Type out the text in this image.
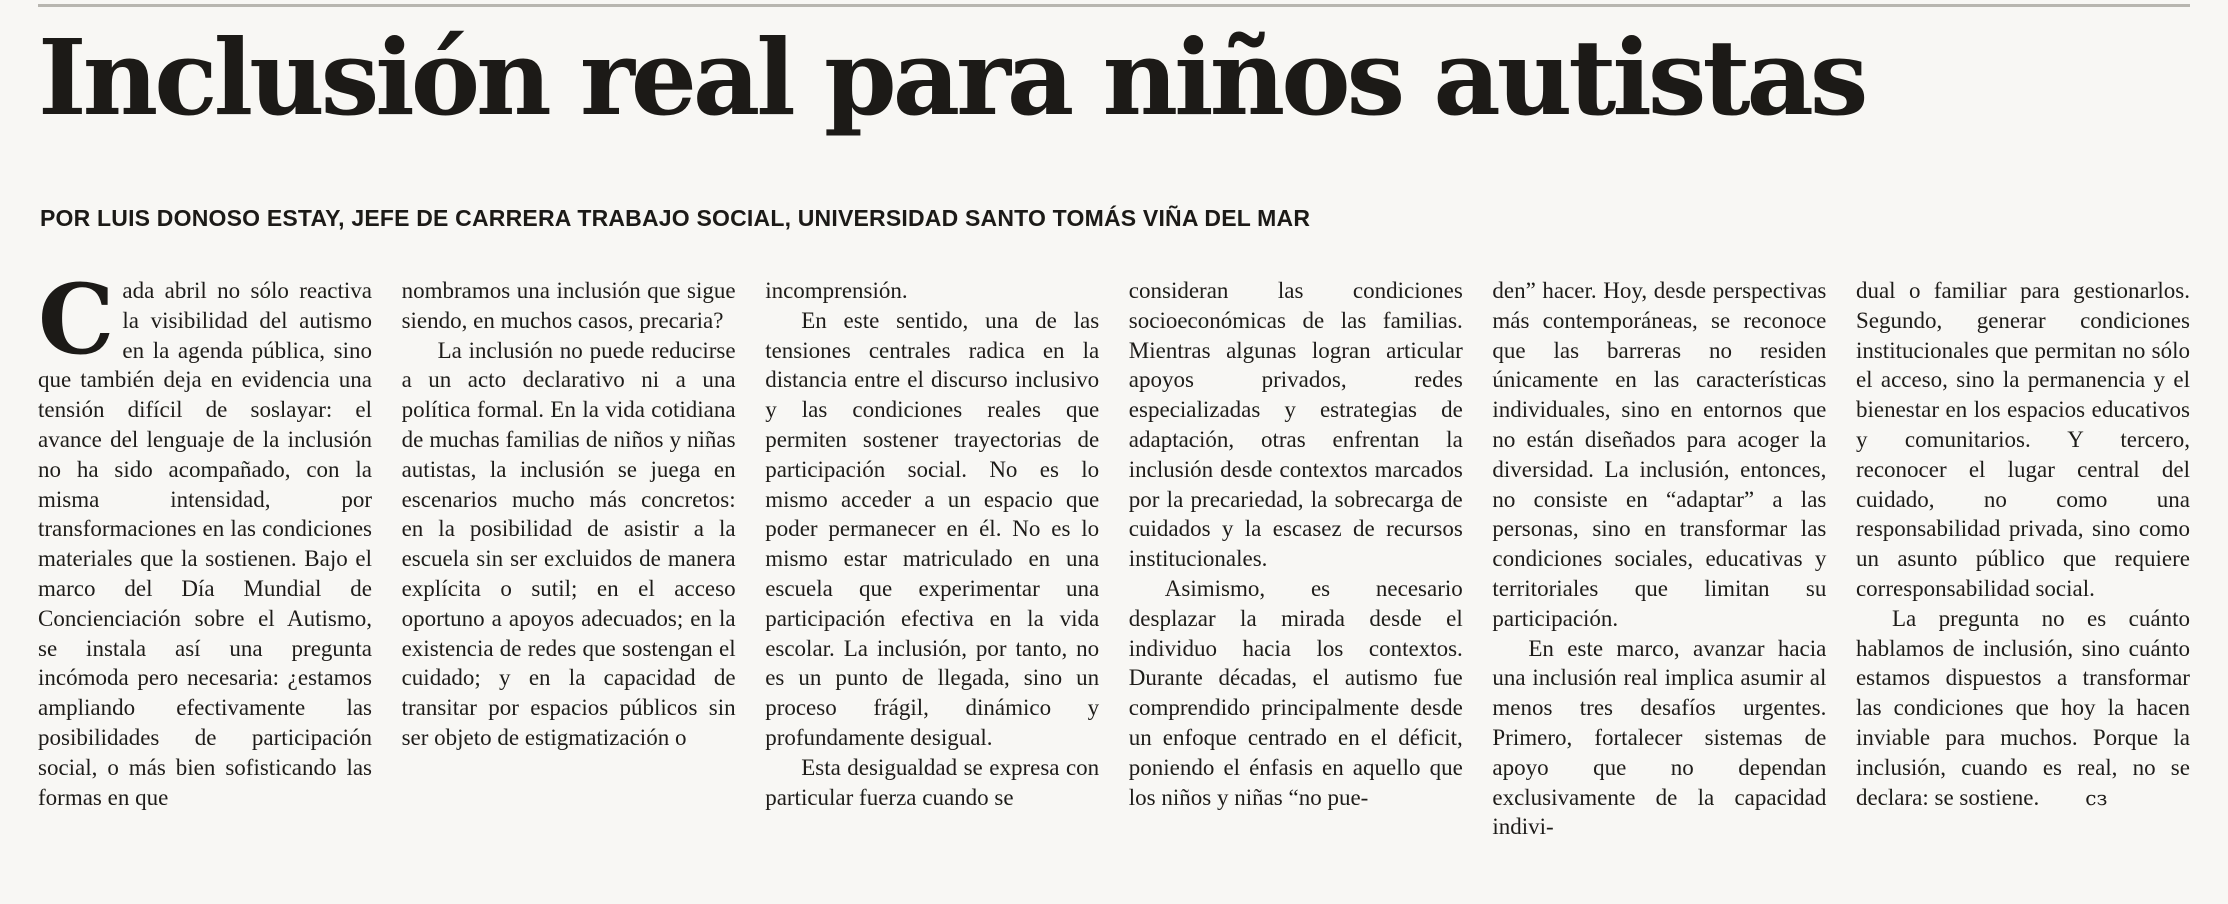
Inclusión real para niños autistas
POR LUIS DONOSO ESTAY, JEFE DE CARRERA TRABAJO SOCIAL, UNIVERSIDAD SANTO TOMÁS VIÑA DEL MAR

Cada abril no sólo reactiva la visibilidad del autismo en la agenda pública, sino que también deja en evidencia una tensión difícil de soslayar: el avance del lenguaje de la inclusión no ha sido acompañado, con la misma intensidad, por transformaciones en las condiciones materiales que la sostienen. Bajo el marco del Día Mundial de Concienciación sobre el Autismo, se instala así una pregunta incómoda pero necesaria: ¿estamos ampliando efectivamente las posibilidades de participación social, o más bien sofisticando las formas en que

nombramos una inclusión que sigue siendo, en muchos casos, precaria?

La inclusión no puede reducirse a un acto declarativo ni a una política formal. En la vida cotidiana de muchas familias de niños y niñas autistas, la inclusión se juega en escenarios mucho más concretos: en la posibilidad de asistir a la escuela sin ser excluidos de manera explícita o sutil; en el acceso oportuno a apoyos adecuados; en la existencia de redes que sostengan el cuidado; y en la capacidad de transitar por espacios públicos sin ser objeto de estigmatización o

incomprensión.

En este sentido, una de las tensiones centrales radica en la distancia entre el discurso inclusivo y las condiciones reales que permiten sostener trayectorias de participación social. No es lo mismo acceder a un espacio que poder permanecer en él. No es lo mismo estar matriculado en una escuela que experimentar una participación efectiva en la vida escolar. La inclusión, por tanto, no es un punto de llegada, sino un proceso frágil, dinámico y profundamente desigual.

Esta desigualdad se expresa con particular fuerza cuando se

consideran las condiciones socioeconómicas de las familias. Mientras algunas logran articular apoyos privados, redes especializadas y estrategias de adaptación, otras enfrentan la inclusión desde contextos marcados por la precariedad, la sobrecarga de cuidados y la escasez de recursos institucionales.

Asimismo, es necesario desplazar la mirada desde el individuo hacia los contextos. Durante décadas, el autismo fue comprendido principalmente desde un enfoque centrado en el déficit, poniendo el énfasis en aquello que los niños y niñas “no pue-

den” hacer. Hoy, desde perspectivas más contemporáneas, se reconoce que las barreras no residen únicamente en las características individuales, sino en entornos que no están diseñados para acoger la diversidad. La inclusión, entonces, no consiste en “adaptar” a las personas, sino en transformar las condiciones sociales, educativas y territoriales que limitan su participación.

En este marco, avanzar hacia una inclusión real implica asumir al menos tres desafíos urgentes. Primero, fortalecer sistemas de apoyo que no dependan exclusivamente de la capacidad indivi-

dual o familiar para gestionarlos. Segundo, generar condiciones institucionales que permitan no sólo el acceso, sino la permanencia y el bienestar en los espacios educativos y comunitarios. Y tercero, reconocer el lugar central del cuidado, no como una responsabilidad privada, sino como un asunto público que requiere corresponsabilidad social.

La pregunta no es cuánto hablamos de inclusión, sino cuánto estamos dispuestos a transformar las condiciones que hoy la hacen inviable para muchos. Porque la inclusión, cuando es real, no se declara: se sostiene. cз
